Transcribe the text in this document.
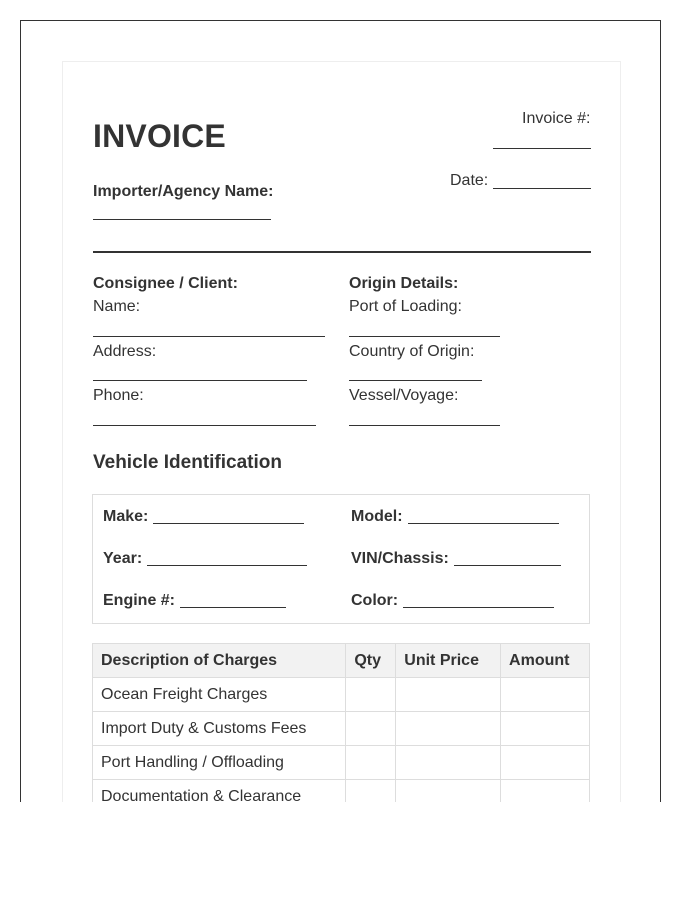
INVOICE	Invoice #:
Date:
Importer/Agency Name:
Consignee / Client:
Name:
Address:
Phone:
Origin Details:
Port of Loading:
Country of Origin:
Vessel/Voyage:
Vehicle Identification
Make:	Model:
Year:	VIN/Chassis:
Engine #:	Color:
Description of Charges	Qty	Unit Price	Amount
Ocean Freight Charges			
Import Duty & Customs Fees			
Port Handling / Offloading			
Documentation & Clearance			
